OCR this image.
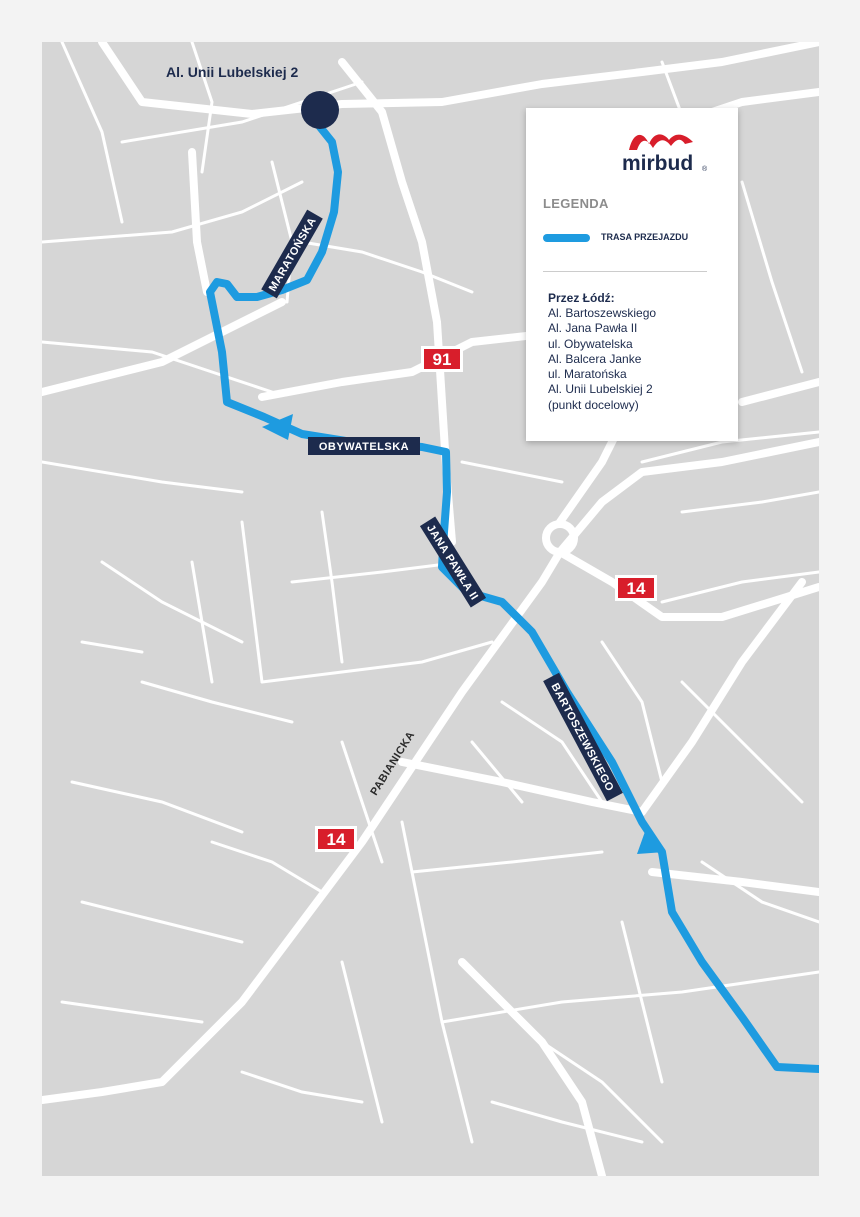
Al. Unii Lubelskiej 2
MARATOŃSKA
OBYWATELSKA
JANA PAWŁA II
BARTOSZEWSKIEGO
PABIANICKA
91
14
14
mirbud ®
LEGENDA
TRASA PRZEJAZDU
Przez Łódź:
Al. Bartoszewskiego
Al. Jana Pawła II
ul. Obywatelska
Al. Balcera Janke
ul. Maratońska
Al. Unii Lubelskiej 2
(punkt docelowy)
